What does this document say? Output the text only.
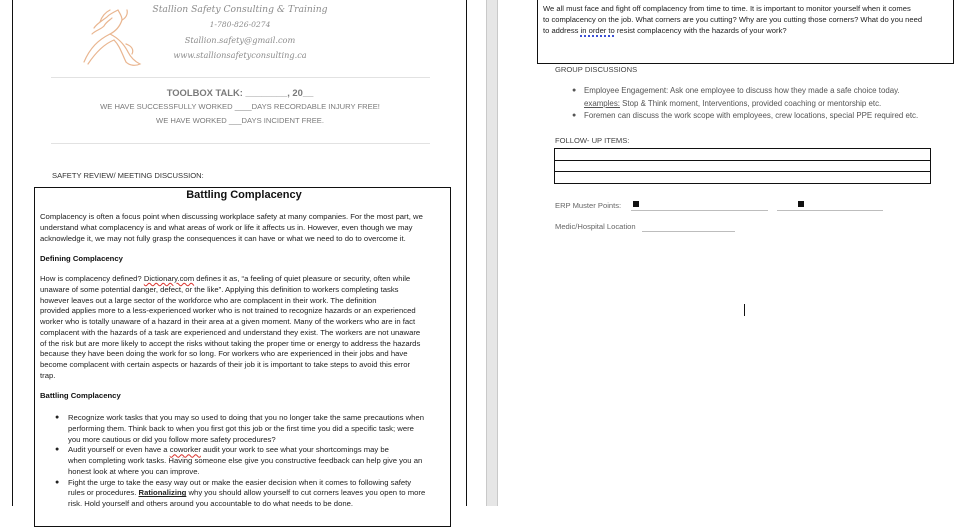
Stallion Safety Consulting & Training
1-780-826-0274
Stallion.safety@gmail.com
www.stallionsafetyconsulting.ca
TOOLBOX TALK: ________, 20__
WE HAVE SUCCESSFULLY WORKED ____DAYS RECORDABLE INJURY FREE!
WE HAVE WORKED ___DAYS INCIDENT FREE.
SAFETY REVIEW/ MEETING DISCUSSION:
Battling Complacency
Complacency is often a focus point when discussing workplace safety at many companies. For the most part, we
understand what complacency is and what areas of work or life it affects us in. However, even though we may
acknowledge it, we may not fully grasp the consequences it can have or what we need to do to overcome it.
Defining Complacency
How is complacency defined? Dictionary.com defines it as, “a feeling of quiet pleasure or security, often while
unaware of some potential danger, defect, or the like”. Applying this definition to workers completing tasks
however leaves out a large sector of the workforce who are complacent in their work. The definition
provided applies more to a less-experienced worker who is not trained to recognize hazards or an experienced
worker who is totally unaware of a hazard in their area at a given moment. Many of the workers who are in fact
complacent with the hazards of a task are experienced and understand they exist. The workers are not unaware
of the risk but are more likely to accept the risks without taking the proper time or energy to address the hazards
because they have been doing the work for so long. For workers who are experienced in their jobs and have
become complacent with certain aspects or hazards of their job it is important to take steps to avoid this error
trap.
Battling Complacency
● Recognize work tasks that you may so used to doing that you no longer take the same precautions when
performing them. Think back to when you first got this job or the first time you did a specific task; were
you more cautious or did you follow more safety procedures?
● Audit yourself or even have a coworker audit your work to see what your shortcomings may be
when completing work tasks. Having someone else give you constructive feedback can help give you an
honest look at where you can improve.
● Fight the urge to take the easy way out or make the easier decision when it comes to following safety
rules or procedures. Rationalizing why you should allow yourself to cut corners leaves you open to more
risk. Hold yourself and others around you accountable to do what needs to be done.
We all must face and fight off complacency from time to time. It is important to monitor yourself when it comes
to complacency on the job. What corners are you cutting? Why are you cutting those corners? What do you need
to address in order to resist complacency with the hazards of your work?
GROUP DISCUSSIONS
● Employee Engagement: Ask one employee to discuss how they made a safe choice today.
examples: Stop & Think moment, Interventions, provided coaching or mentorship etc.
● Foremen can discuss the work scope with employees, crew locations, special PPE required etc.
FOLLOW- UP ITEMS:

ERP Muster Points:
Medic/Hospital Location
